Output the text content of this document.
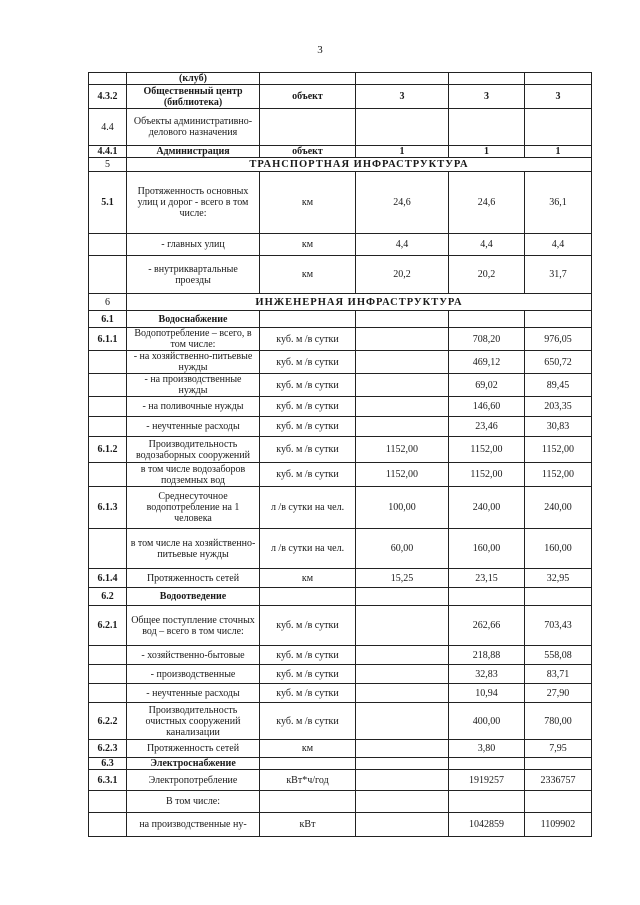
3
	(клуб)				
4.3.2	Общественный центр (библиотека)	объект	3	3	3
4.4	Объекты административно-делового назначения				
4.4.1	Администрация	объект	1	1	1
5	ТРАНСПОРТНАЯ ИНФРАСТРУКТУРА				
5.1	Протяженность основных улиц и дорог - всего в том числе:	км	24,6	24,6	36,1
	- главных улиц	км	4,4	4,4	4,4
	- внутриквартальные проезды	км	20,2	20,2	31,7
6	ИНЖЕНЕРНАЯ ИНФРАСТРУКТУРА				
6.1	Водоснабжение				
6.1.1	Водопотребление – всего, в том числе:	куб. м /в сутки		708,20	976,05
	- на хозяйственно-питьевые нужды	куб. м /в сутки		469,12	650,72
	- на производственные нужды	куб. м /в сутки		69,02	89,45
	- на поливочные нужды	куб. м /в сутки		146,60	203,35
	- неучтенные расходы	куб. м /в сутки		23,46	30,83
6.1.2	Производительность водозаборных сооружений	куб. м /в сутки	1152,00	1152,00	1152,00
	в том числе водозаборов подземных вод	куб. м /в сутки	1152,00	1152,00	1152,00
6.1.3	Среднесуточное водопотребление на 1 человека	л /в сутки на чел.	100,00	240,00	240,00
	в том числе на хозяйственно-питьевые нужды	л /в сутки на чел.	60,00	160,00	160,00
6.1.4	Протяженность сетей	км	15,25	23,15	32,95
6.2	Водоотведение				
6.2.1	Общее поступление сточных вод – всего в том числе:	куб. м /в сутки		262,66	703,43
	- хозяйственно-бытовые	куб. м /в сутки		218,88	558,08
	- производственные	куб. м /в сутки		32,83	83,71
	- неучтенные расходы	куб. м /в сутки		10,94	27,90
6.2.2	Производительность очистных сооружений канализации	куб. м /в сутки		400,00	780,00
6.2.3	Протяженность сетей	км		3,80	7,95
6.3	Электроснабжение				
6.3.1	Электропотребление	кВт*ч/год		1919257	2336757
	В том числе:				
	на производственные ну-	кВт		1042859	1109902
